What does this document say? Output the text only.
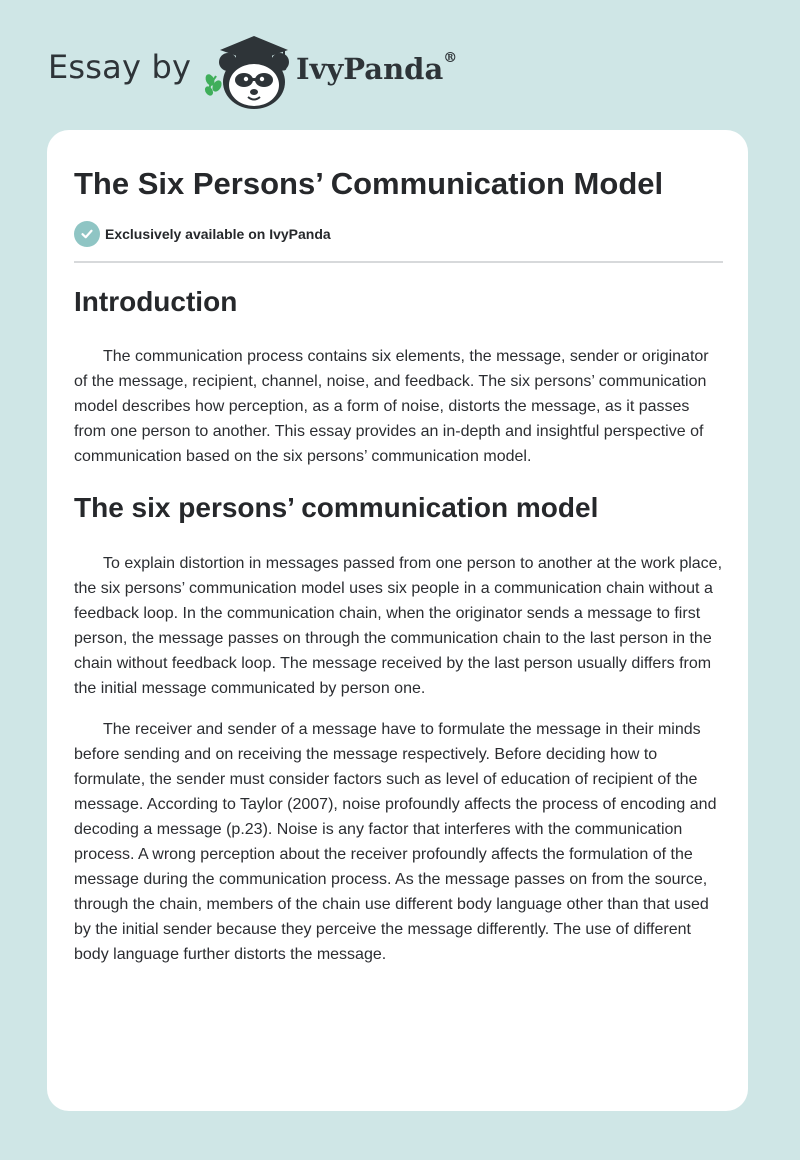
Essay by	IvyPanda®
The Six Persons’ Communication Model
Exclusively available on IvyPanda
Introduction

The communication process contains six elements, the message, sender or originator of the message, recipient, channel, noise, and feedback. The six persons’ communication model describes how perception, as a form of noise, distorts the message, as it passes from one person to another. This essay provides an in-depth and insightful perspective of communication based on the six persons’ communication model.

The six persons’ communication model

To explain distortion in messages passed from one person to another at the work place, the six persons’ communication model uses six people in a communication chain without a feedback loop. In the communication chain, when the originator sends a message to first person, the message passes on through the communication chain to the last person in the chain without feedback loop. The message received by the last person usually differs from the initial message communicated by person one.

The receiver and sender of a message have to formulate the message in their minds before sending and on receiving the message respectively. Before deciding how to formulate, the sender must consider factors such as level of education of recipient of the message. According to Taylor (2007), noise profoundly affects the process of encoding and decoding a message (p.23). Noise is any factor that interferes with the communication process. A wrong perception about the receiver profoundly affects the formulation of the message during the communication process. As the message passes on from the source, through the chain, members of the chain use different body language other than that used by the initial sender because they perceive the message differently. The use of different body language further distorts the message.
